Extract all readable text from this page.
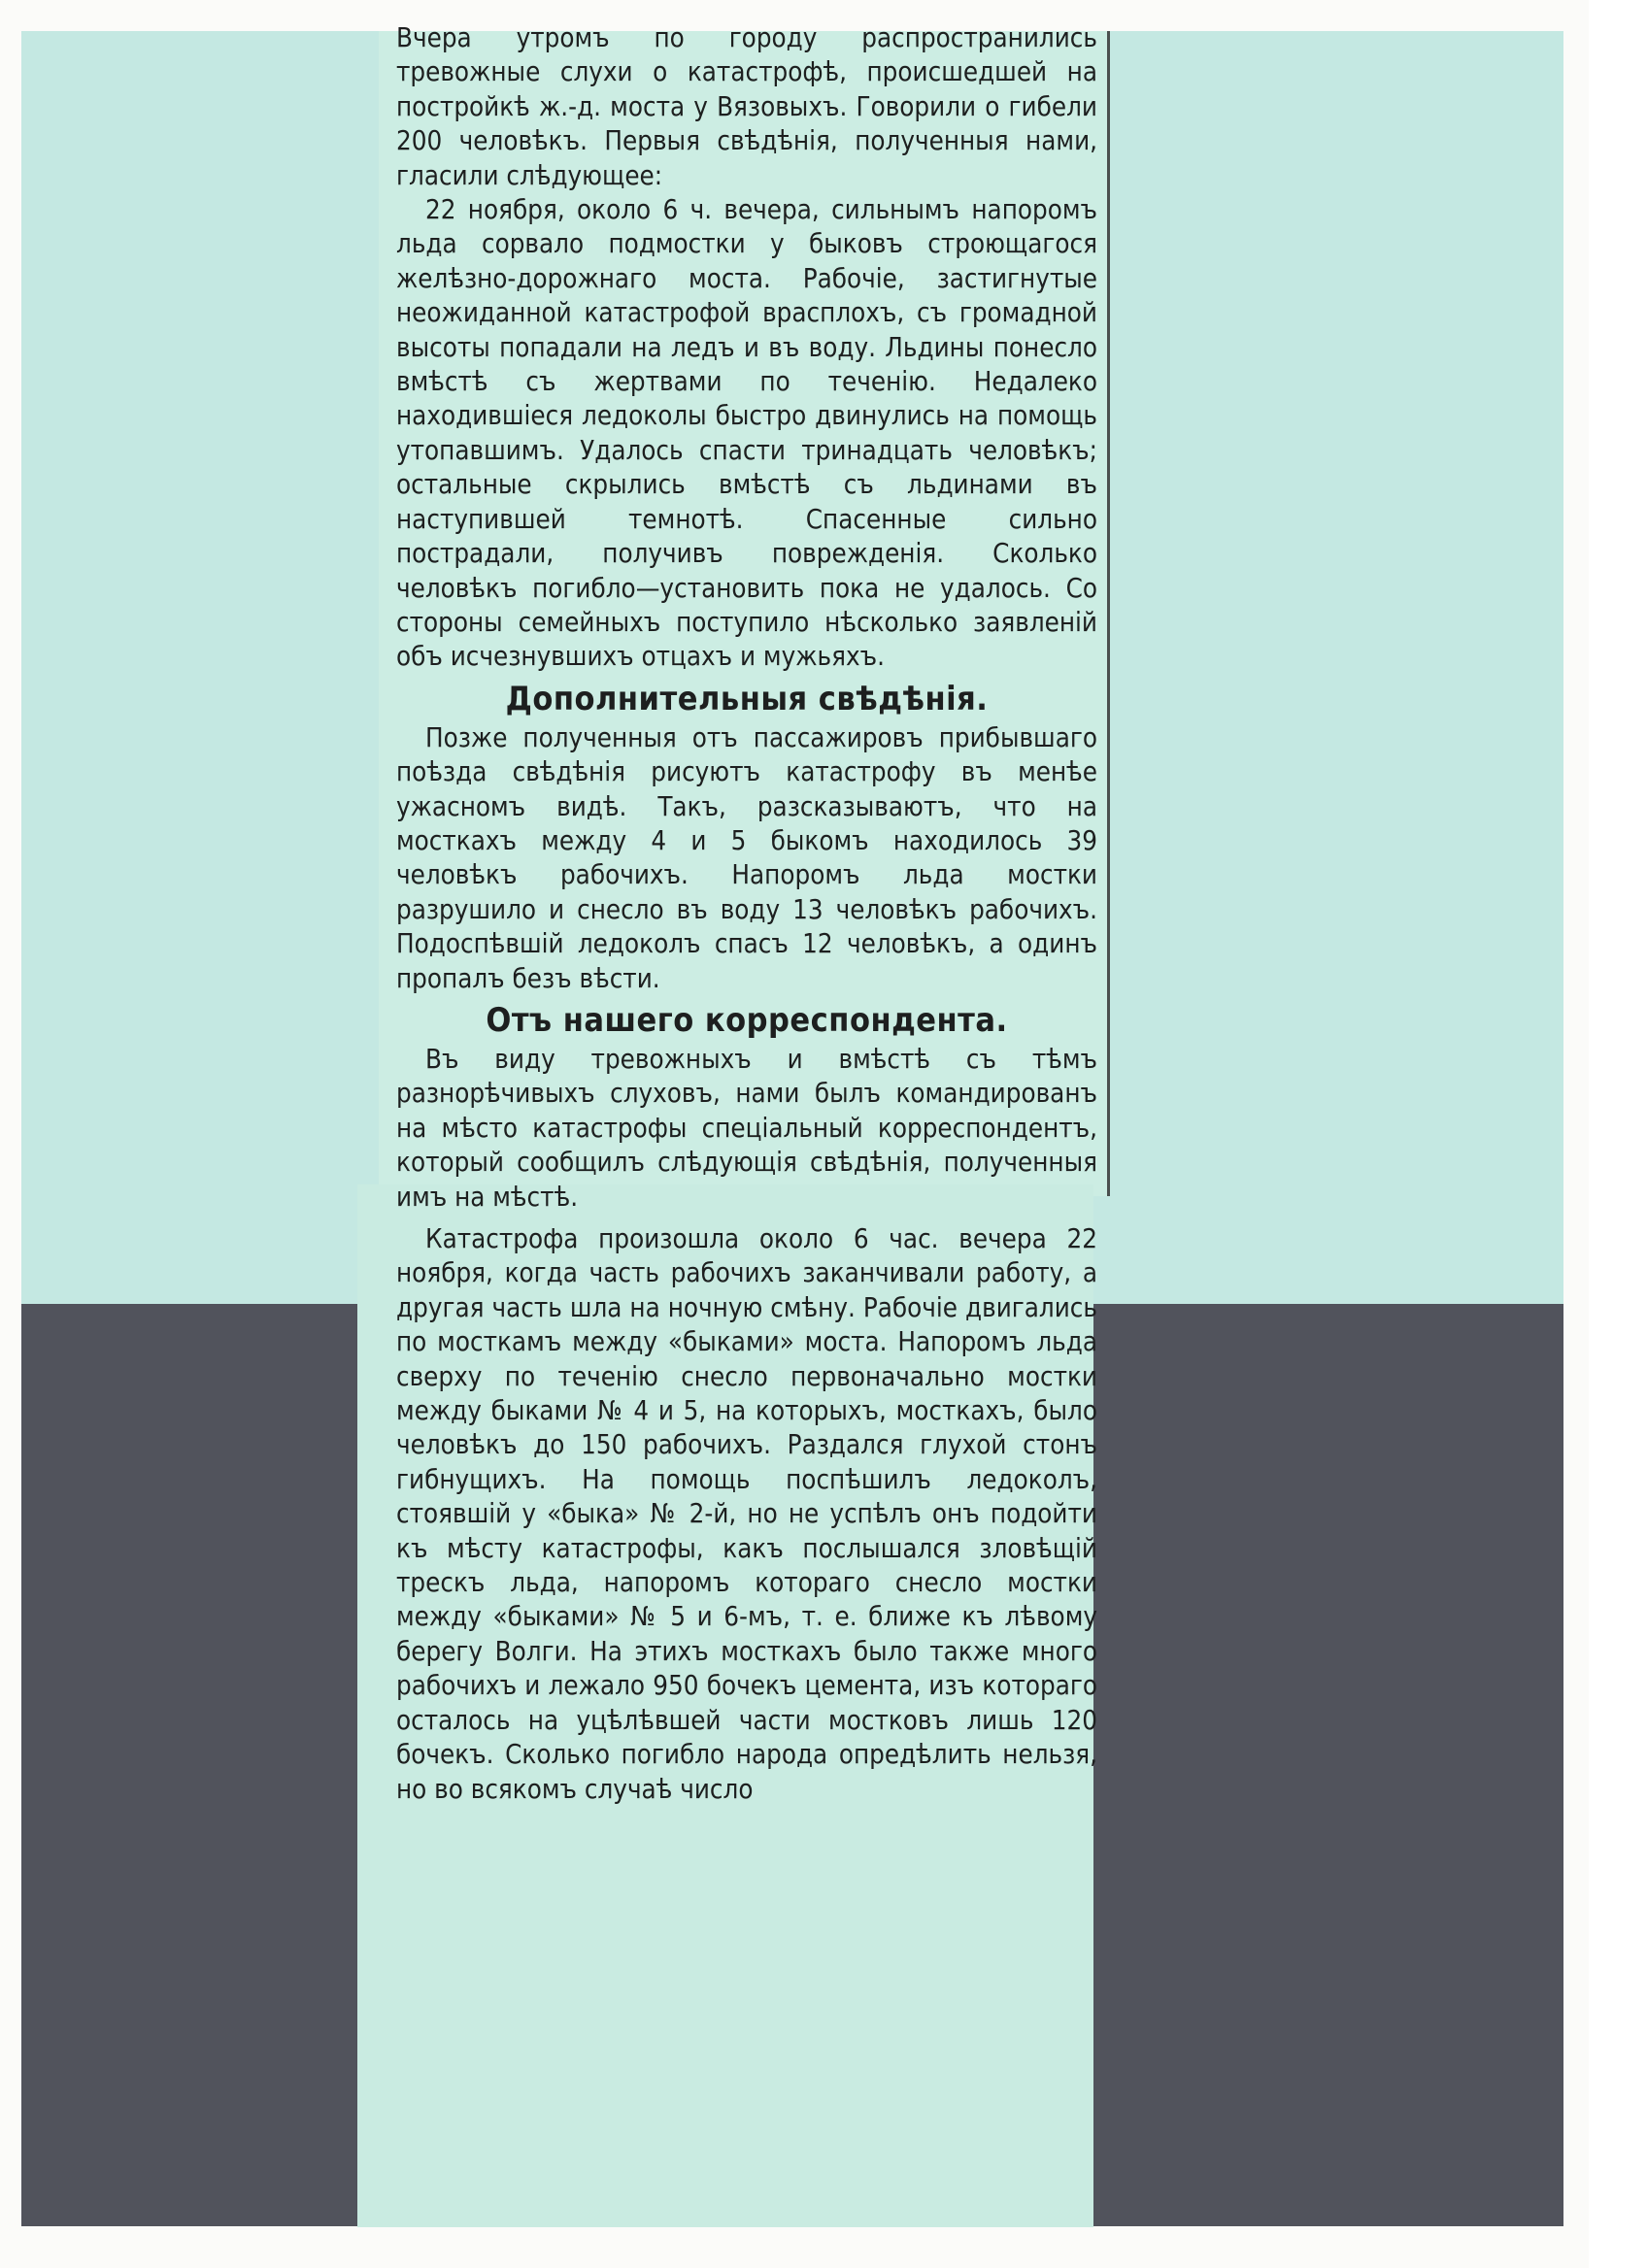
Вчера утромъ по городу распространились тревожные слухи о катастрофѣ, происшедшей на постройкѣ ж.-д. моста у Вязовыхъ. Говорили о гибели 200 человѣкъ. Первыя свѣдѣнія, полученныя нами, гласили слѣдующее:

22 ноября, около 6 ч. вечера, сильнымъ напоромъ льда сорвало подмостки у быковъ строющагося желѣзно-дорожнаго моста. Рабочіе, застигнутые неожиданной катастрофой врасплохъ, съ громадной высоты попадали на ледъ и въ воду. Льдины понесло вмѣстѣ съ жертвами по теченію. Недалеко находившіеся ледоколы быстро двинулись на помощь утопавшимъ. Удалось спасти тринадцать человѣкъ; остальные скрылись вмѣстѣ съ льдинами въ наступившей темнотѣ. Спасенные сильно пострадали, получивъ поврежденія. Сколько человѣкъ погибло—установить пока не удалось. Со стороны семейныхъ поступило нѣсколько заявленій объ исчезнувшихъ отцахъ и мужьяхъ.

Дополнительныя свѣдѣнія.

Позже полученныя отъ пассажировъ прибывшаго поѣзда свѣдѣнія рисуютъ катастрофу въ менѣе ужасномъ видѣ. Такъ, разсказываютъ, что на мосткахъ между 4 и 5 быкомъ находилось 39 человѣкъ рабочихъ. Напоромъ льда мостки разрушило и снесло въ воду 13 человѣкъ рабочихъ. Подоспѣвшій ледоколъ спасъ 12 человѣкъ, а одинъ пропалъ безъ вѣсти.

Отъ нашего корреспондента.

Въ виду тревожныхъ и вмѣстѣ съ тѣмъ разнорѣчивыхъ слуховъ, нами былъ командированъ на мѣсто катастрофы спеціальный корреспондентъ, который сообщилъ слѣдующія свѣдѣнія, полученныя имъ на мѣстѣ.

Катастрофа произошла около 6 час. вечера 22 ноября, когда часть рабочихъ заканчивали работу, а другая часть шла на ночную смѣну. Рабочіе двигались по мосткамъ между «быками» моста. Напоромъ льда сверху по теченію снесло первоначально мостки между быками № 4 и 5, на которыхъ, мосткахъ, было человѣкъ до 150 рабочихъ. Раздался глухой стонъ гибнущихъ. На помощь поспѣшилъ ледоколъ, стоявшій у «быка» № 2-й, но не успѣлъ онъ подойти къ мѣсту катастрофы, какъ послышался зловѣщій трескъ льда, напоромъ котораго снесло мостки между «быками» № 5 и 6-мъ, т. е. ближе къ лѣвому берегу Волги. На этихъ мосткахъ было также много рабочихъ и лежало 950 бочекъ цемента, изъ котораго осталось на уцѣлѣвшей части мостковъ лишь 120 бочекъ. Сколько погибло народа опредѣлить нельзя, но во всякомъ случаѣ число
